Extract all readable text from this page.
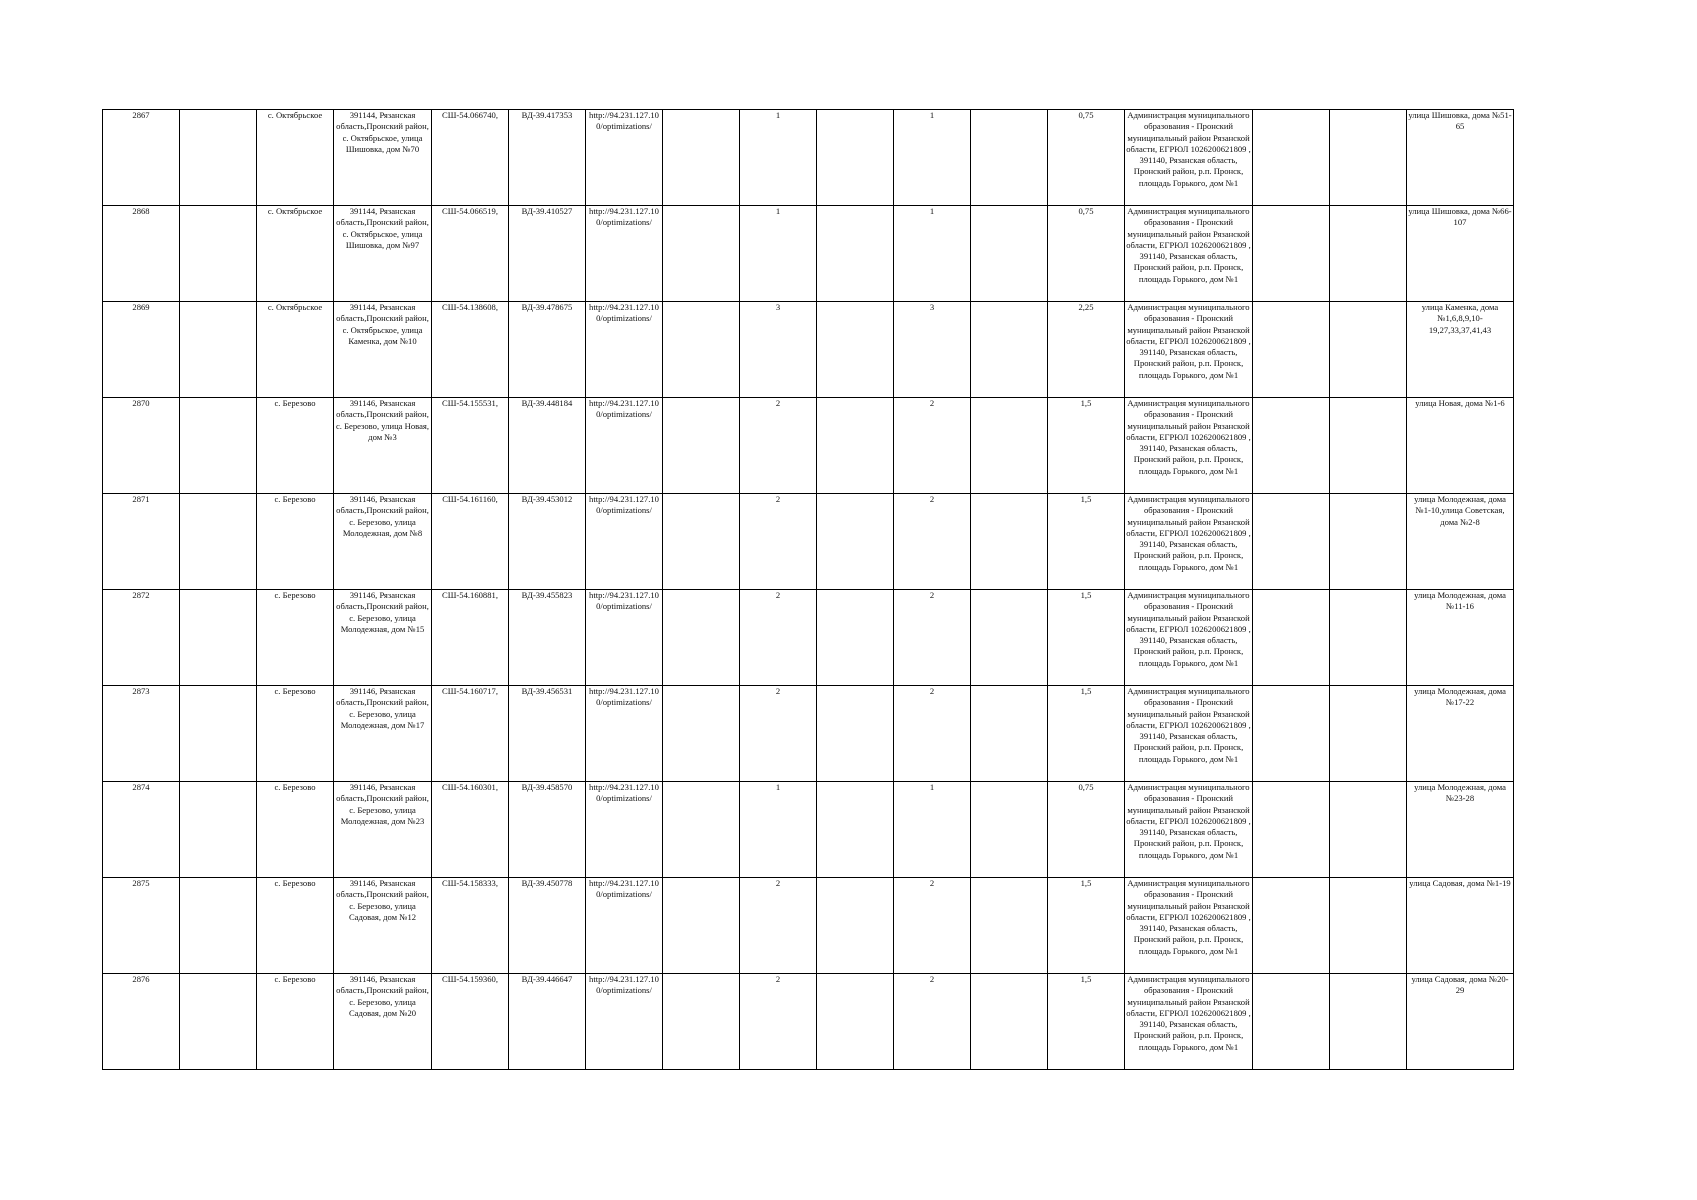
2867		с. Октябрьское	391144, Рязанская область,Пронский район, с. Октябрьское, улица Шишовка, дом №70	СШ-54.066740,	ВД-39.417353	http://94.231.127.100/optimizations/		1		1		0,75	Администрация муниципального образования - Пронский муниципальный район Рязанской области, ЕГРЮЛ 1026200621809 , 391140, Рязанская область, Пронский район, р.п. Пронск, площадь Горького, дом №1			улица Шишовка, дома №51-65
2868		с. Октябрьское	391144, Рязанская область,Пронский район, с. Октябрьское, улица Шишовка, дом №97	СШ-54.066519,	ВД-39.410527	http://94.231.127.100/optimizations/		1		1		0,75	Администрация муниципального образования - Пронский муниципальный район Рязанской области, ЕГРЮЛ 1026200621809 , 391140, Рязанская область, Пронский район, р.п. Пронск, площадь Горького, дом №1			улица Шишовка, дома №66-107
2869		с. Октябрьское	391144, Рязанская область,Пронский район, с. Октябрьское, улица Каменка, дом №10	СШ-54.138608,	ВД-39.478675	http://94.231.127.100/optimizations/		3		3		2,25	Администрация муниципального образования - Пронский муниципальный район Рязанской области, ЕГРЮЛ 1026200621809 , 391140, Рязанская область, Пронский район, р.п. Пронск, площадь Горького, дом №1			улица Каменка, дома №1,6,8,9,10-19,27,33,37,41,43
2870		с. Березово	391146, Рязанская область,Пронский район, с. Березово, улица Новая, дом №3	СШ-54.155531,	ВД-39.448184	http://94.231.127.100/optimizations/		2		2		1,5	Администрация муниципального образования - Пронский муниципальный район Рязанской области, ЕГРЮЛ 1026200621809 , 391140, Рязанская область, Пронский район, р.п. Пронск, площадь Горького, дом №1			улица Новая, дома №1-6
2871		с. Березово	391146, Рязанская область,Пронский район, с. Березово, улица Молодежная, дом №8	СШ-54.161160,	ВД-39.453012	http://94.231.127.100/optimizations/		2		2		1,5	Администрация муниципального образования - Пронский муниципальный район Рязанской области, ЕГРЮЛ 1026200621809 , 391140, Рязанская область, Пронский район, р.п. Пронск, площадь Горького, дом №1			улица Молодежная, дома №1-10,улица Советская, дома №2-8
2872		с. Березово	391146, Рязанская область,Пронский район, с. Березово, улица Молодежная, дом №15	СШ-54.160881,	ВД-39.455823	http://94.231.127.100/optimizations/		2		2		1,5	Администрация муниципального образования - Пронский муниципальный район Рязанской области, ЕГРЮЛ 1026200621809 , 391140, Рязанская область, Пронский район, р.п. Пронск, площадь Горького, дом №1			улица Молодежная, дома №11-16
2873		с. Березово	391146, Рязанская область,Пронский район, с. Березово, улица Молодежная, дом №17	СШ-54.160717,	ВД-39.456531	http://94.231.127.100/optimizations/		2		2		1,5	Администрация муниципального образования - Пронский муниципальный район Рязанской области, ЕГРЮЛ 1026200621809 , 391140, Рязанская область, Пронский район, р.п. Пронск, площадь Горького, дом №1			улица Молодежная, дома №17-22
2874		с. Березово	391146, Рязанская область,Пронский район, с. Березово, улица Молодежная, дом №23	СШ-54.160301,	ВД-39.458570	http://94.231.127.100/optimizations/		1		1		0,75	Администрация муниципального образования - Пронский муниципальный район Рязанской области, ЕГРЮЛ 1026200621809 , 391140, Рязанская область, Пронский район, р.п. Пронск, площадь Горького, дом №1			улица Молодежная, дома №23-28
2875		с. Березово	391146, Рязанская область,Пронский район, с. Березово, улица Садовая, дом №12	СШ-54.158333,	ВД-39.450778	http://94.231.127.100/optimizations/		2		2		1,5	Администрация муниципального образования - Пронский муниципальный район Рязанской области, ЕГРЮЛ 1026200621809 , 391140, Рязанская область, Пронский район, р.п. Пронск, площадь Горького, дом №1			улица Садовая, дома №1-19
2876		с. Березово	391146, Рязанская область,Пронский район, с. Березово, улица Садовая, дом №20	СШ-54.159360,	ВД-39.446647	http://94.231.127.100/optimizations/		2		2		1,5	Администрация муниципального образования - Пронский муниципальный район Рязанской области, ЕГРЮЛ 1026200621809 , 391140, Рязанская область, Пронский район, р.п. Пронск, площадь Горького, дом №1			улица Садовая, дома №20-29
